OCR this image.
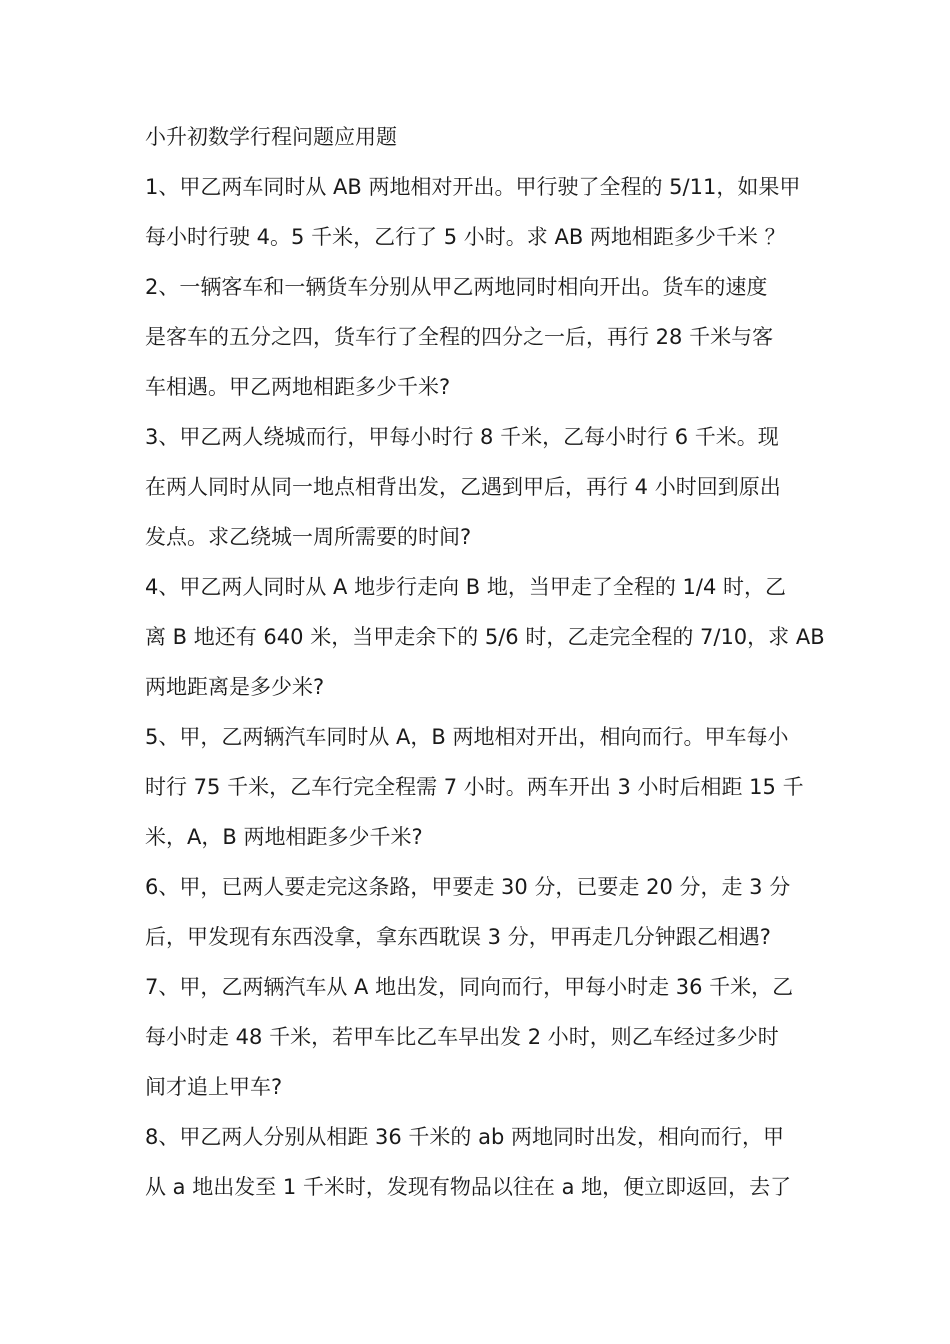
小升初数学行程问题应用题
1、甲乙两车同时从 AB 两地相对开出。甲行驶了全程的 5/11，如果甲
每小时行驶 4。5 千米，乙行了 5 小时。求 AB 两地相距多少千米 ？
2、一辆客车和一辆货车分别从甲乙两地同时相向开出。货车的速度
是客车的五分之四，货车行了全程的四分之一后，再行 28 千米与客
车相遇。甲乙两地相距多少千米?
3、甲乙两人绕城而行，甲每小时行 8 千米，乙每小时行 6 千米。现
在两人同时从同一地点相背出发，乙遇到甲后，再行 4 小时回到原出
发点。求乙绕城一周所需要的时间?
4、甲乙两人同时从 A 地步行走向 B 地，当甲走了全程的 1/4 时，乙
离 B 地还有 640 米，当甲走余下的 5/6 时，乙走完全程的 7/10，求 AB
两地距离是多少米?
5、甲，乙两辆汽车同时从 A，B 两地相对开出，相向而行。甲车每小
时行 75 千米，乙车行完全程需 7 小时。两车开出 3 小时后相距 15 千
米，A，B 两地相距多少千米?
6、甲，已两人要走完这条路，甲要走 30 分，已要走 20 分，走 3 分
后，甲发现有东西没拿，拿东西耽误 3 分，甲再走几分钟跟乙相遇?
7、甲，乙两辆汽车从 A 地出发，同向而行，甲每小时走 36 千米，乙
每小时走 48 千米，若甲车比乙车早出发 2 小时，则乙车经过多少时
间才追上甲车?
8、甲乙两人分别从相距 36 千米的 ab 两地同时出发，相向而行，甲
从 a 地出发至 1 千米时，发现有物品以往在 a 地，便立即返回，去了
